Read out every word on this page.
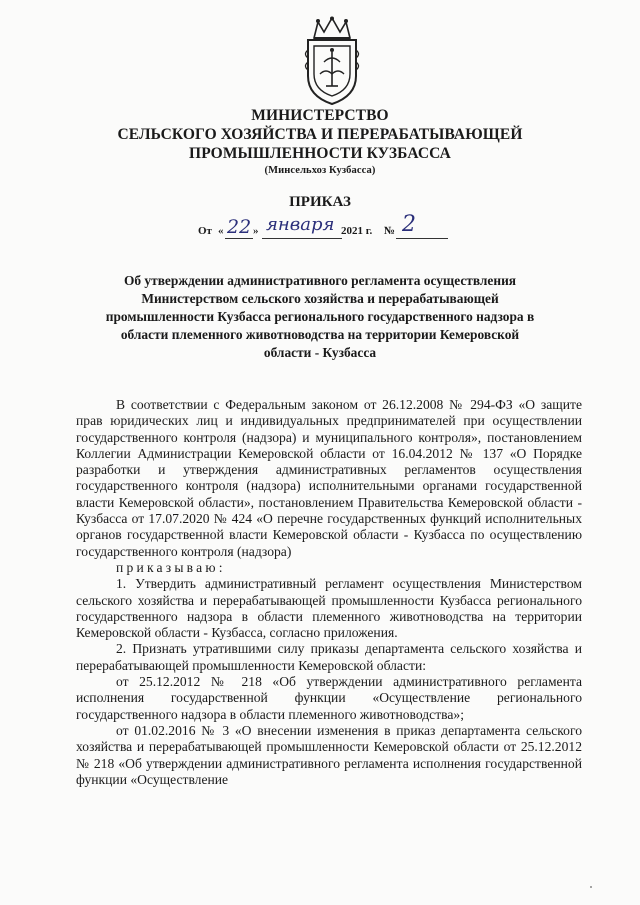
МИНИСТЕРСТВО
СЕЛЬСКОГО ХОЗЯЙСТВА И ПЕРЕРАБАТЫВАЮЩЕЙ
ПРОМЫШЛЕННОСТИ КУЗБАССА
(Минсельхоз Кузбасса)
ПРИКАЗ
От « 22 » января 2021 г. № 2
Об утверждении административного регламента осуществления
Министерством сельского хозяйства и перерабатывающей
промышленности Кузбасса регионального государственного надзора в
области племенного животноводства на территории Кемеровской
области - Кузбасса

В соответствии с Федеральным законом от 26.12.2008 № 294-ФЗ «О защите прав юридических лиц и индивидуальных предпринимателей при осуществлении государственного контроля (надзора) и муниципального контроля», постановлением Коллегии Администрации Кемеровской области от 16.04.2012 № 137 «О Порядке разработки и утверждения административных регламентов осуществления государственного контроля (надзора) исполнительными органами государственной власти Кемеровской области», постановлением Правительства Кемеровской области - Кузбасса от 17.07.2020 № 424 «О перечне государственных функций исполнительных органов государственной власти Кемеровской области - Кузбасса по осуществлению государственного контроля (надзора)

приказываю:

1. Утвердить административный регламент осуществления Министерством сельского хозяйства и перерабатывающей промышленности Кузбасса регионального государственного надзора в области племенного животноводства на территории Кемеровской области - Кузбасса, согласно приложения.

2. Признать утратившими силу приказы департамента сельского хозяйства и перерабатывающей промышленности Кемеровской области:

от 25.12.2012 № 218 «Об утверждении административного регламента исполнения государственной функции «Осуществление регионального государственного надзора в области племенного животноводства»;

от 01.02.2016 № 3 «О внесении изменения в приказ департамента сельского хозяйства и перерабатывающей промышленности Кемеровской области от 25.12.2012 № 218 «Об утверждении административного регламента исполнения государственной функции «Осуществление
